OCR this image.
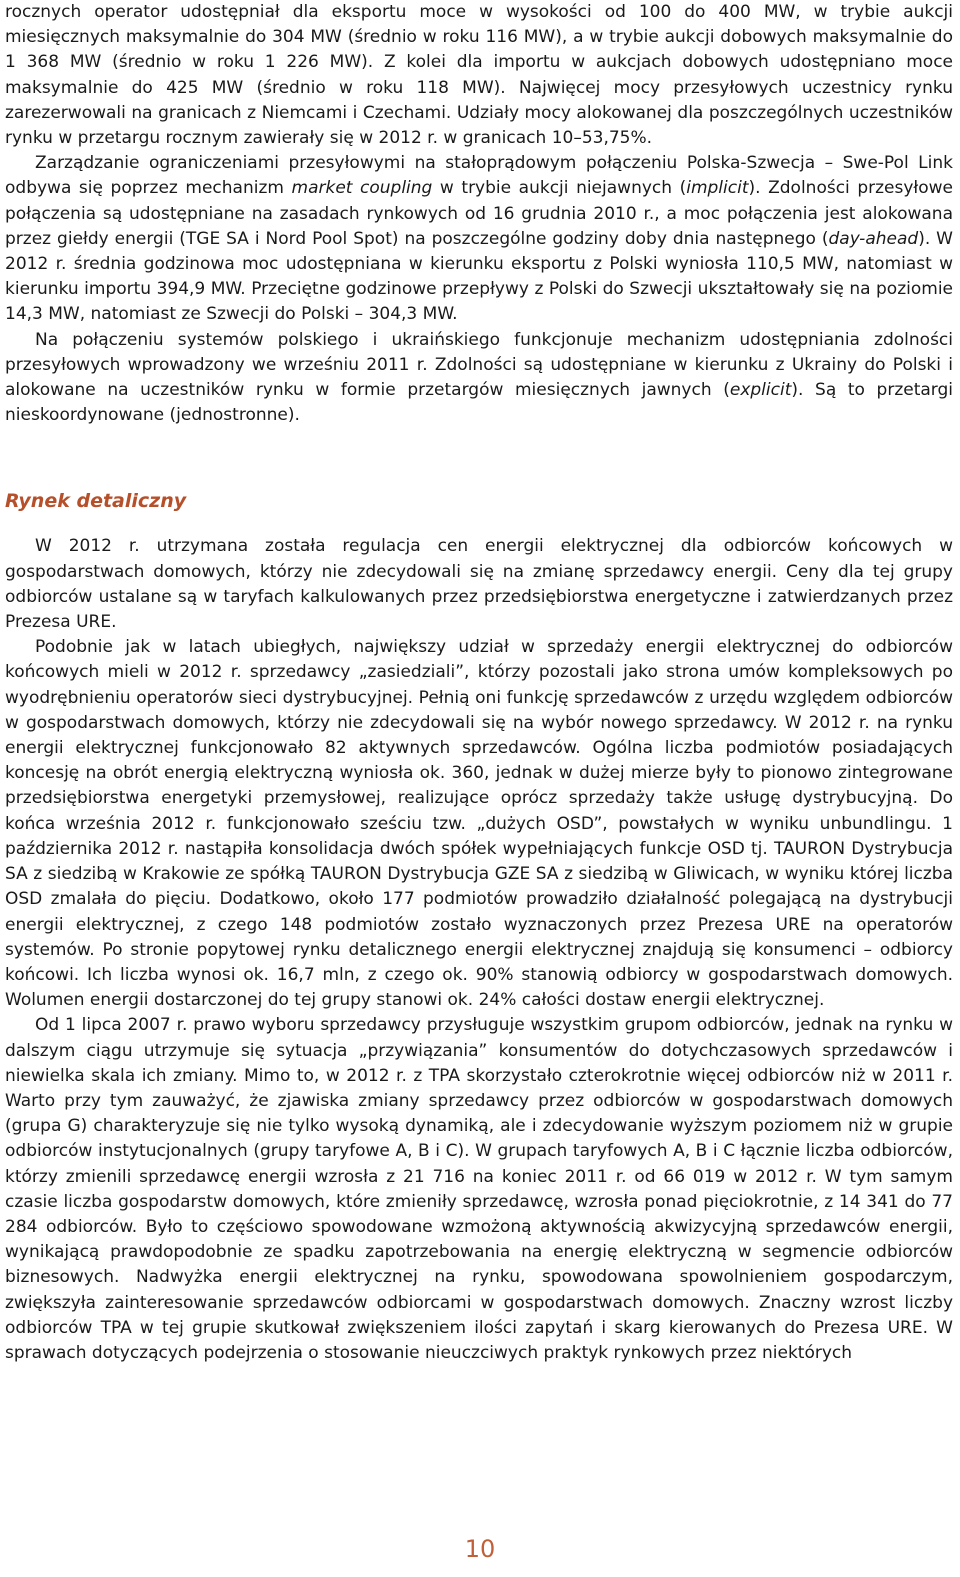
rocznych operator udostępniał dla eksportu moce w wysokości od 100 do 400 MW, w trybie aukcji miesięcznych maksymalnie do 304 MW (średnio w roku 116 MW), a w trybie aukcji dobowych maksymalnie do 1 368 MW (średnio w roku 1 226 MW). Z kolei dla importu w aukcjach dobowych udostępniano moce maksymalnie do 425 MW (średnio w roku 118 MW). Najwięcej mocy przesyłowych uczestnicy rynku zarezerwowali na granicach z Niemcami i Czechami. Udziały mocy alokowanej dla poszczególnych uczestników rynku w przetargu rocznym zawierały się w 2012 r. w granicach 10–53,75%.

Zarządzanie ograniczeniami przesyłowymi na stałoprądowym połączeniu Polska-Szwecja – Swe-Pol Link odbywa się poprzez mechanizm market coupling w trybie aukcji niejawnych (implicit). Zdolności przesyłowe połączenia są udostępniane na zasadach rynkowych od 16 grudnia 2010 r., a moc połączenia jest alokowana przez giełdy energii (TGE SA i Nord Pool Spot) na poszczególne godziny doby dnia następnego (day-ahead). W 2012 r. średnia godzinowa moc udostępniana w kierunku eksportu z Polski wyniosła 110,5 MW, natomiast w kierunku importu 394,9 MW. Przeciętne godzinowe przepływy z Polski do Szwecji ukształtowały się na poziomie 14,3 MW, natomiast ze Szwecji do Polski – 304,3 MW.

Na połączeniu systemów polskiego i ukraińskiego funkcjonuje mechanizm udostępniania zdolności przesyłowych wprowadzony we wrześniu 2011 r. Zdolności są udostępniane w kierunku z Ukrainy do Polski i alokowane na uczestników rynku w formie przetargów miesięcznych jawnych (explicit). Są to przetargi nieskoordynowane (jednostronne).

Rynek detaliczny

W 2012 r. utrzymana została regulacja cen energii elektrycznej dla odbiorców końcowych w gospodarstwach domowych, którzy nie zdecydowali się na zmianę sprzedawcy energii. Ceny dla tej grupy odbiorców ustalane są w taryfach kalkulowanych przez przedsiębiorstwa energetyczne i zatwierdzanych przez Prezesa URE.

Podobnie jak w latach ubiegłych, największy udział w sprzedaży energii elektrycznej do odbiorców końcowych mieli w 2012 r. sprzedawcy „zasiedziali”, którzy pozostali jako strona umów kompleksowych po wyodrębnieniu operatorów sieci dystrybucyjnej. Pełnią oni funkcję sprzedawców z urzędu względem odbiorców w gospodarstwach domowych, którzy nie zdecydowali się na wybór nowego sprzedawcy. W 2012 r. na rynku energii elektrycznej funkcjonowało 82 aktywnych sprzedawców. Ogólna liczba podmiotów posiadających koncesję na obrót energią elektryczną wyniosła ok. 360, jednak w dużej mierze były to pionowo zintegrowane przedsiębiorstwa energetyki przemysłowej, realizujące oprócz sprzedaży także usługę dystrybucyjną. Do końca września 2012 r. funkcjonowało sześciu tzw. „dużych OSD”, powstałych w wyniku unbundlingu. 1 października 2012 r. nastąpiła konsolidacja dwóch spółek wypełniających funkcje OSD tj. TAURON Dystrybucja SA z siedzibą w Krakowie ze spółką TAURON Dystrybucja GZE SA z siedzibą w Gliwicach, w wyniku której liczba OSD zmalała do pięciu. Dodatkowo, około 177 podmiotów prowadziło działalność polegającą na dystrybucji energii elektrycznej, z czego 148 podmiotów zostało wyznaczonych przez Prezesa URE na operatorów systemów. Po stronie popytowej rynku detalicznego energii elektrycznej znajdują się konsumenci – odbiorcy końcowi. Ich liczba wynosi ok. 16,7 mln, z czego ok. 90% stanowią odbiorcy w gospodarstwach domowych. Wolumen energii dostarczonej do tej grupy stanowi ok. 24% całości dostaw energii elektrycznej.

Od 1 lipca 2007 r. prawo wyboru sprzedawcy przysługuje wszystkim grupom odbiorców, jednak na rynku w dalszym ciągu utrzymuje się sytuacja „przywiązania” konsumentów do dotychczasowych sprzedawców i niewielka skala ich zmiany. Mimo to, w 2012 r. z TPA skorzystało czterokrotnie więcej odbiorców niż w 2011 r. Warto przy tym zauważyć, że zjawiska zmiany sprzedawcy przez odbiorców w gospodarstwach domowych (grupa G) charakteryzuje się nie tylko wysoką dynamiką, ale i zdecydowanie wyższym poziomem niż w grupie odbiorców instytucjonalnych (grupy taryfowe A, B i C). W grupach taryfowych A, B i C łącznie liczba odbiorców, którzy zmienili sprzedawcę energii wzrosła z 21 716 na koniec 2011 r. od 66 019 w 2012 r. W tym samym czasie liczba gospodarstw domowych, które zmieniły sprzedawcę, wzrosła ponad pięciokrotnie, z 14 341 do 77 284 odbiorców. Było to częściowo spowodowane wzmożoną aktywnością akwizycyjną sprzedawców energii, wynikającą prawdopodobnie ze spadku zapotrzebowania na energię elektryczną w segmencie odbiorców biznesowych. Nadwyżka energii elektrycznej na rynku, spowodowana spowolnieniem gospodarczym, zwiększyła zainteresowanie sprzedawców odbiorcami w gospodarstwach domowych. Znaczny wzrost liczby odbiorców TPA w tej grupie skutkował zwiększeniem ilości zapytań i skarg kierowanych do Prezesa URE. W sprawach dotyczących podejrzenia o stosowanie nieuczciwych praktyk rynkowych przez niektórych

10
